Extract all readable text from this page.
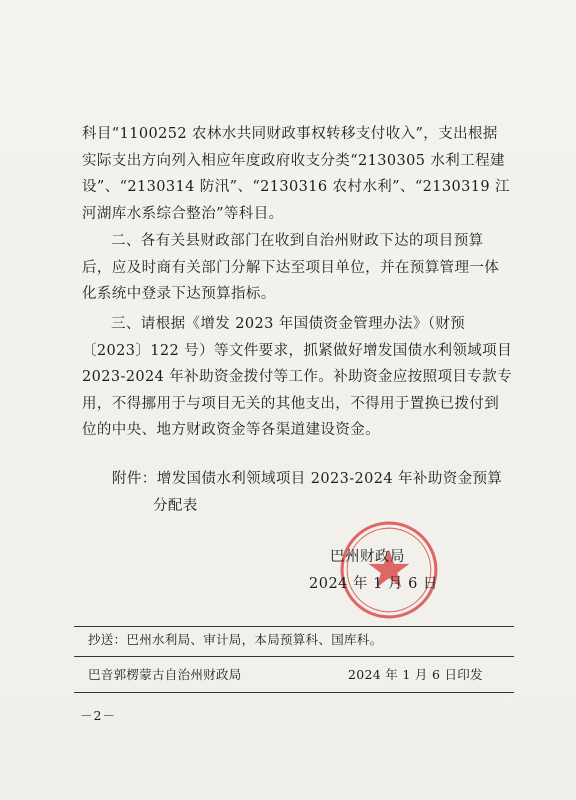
科目“1100252 农林水共同财政事权转移支付收入”，支出根据实际支出方向列入相应年度政府收支分类“2130305 水利工程建设”、“2130314 防汛”、“2130316 农村水利”、“2130319 江河湖库水系综合整治”等科目。
二、各有关县财政部门在收到自治州财政下达的项目预算后，应及时商有关部门分解下达至项目单位，并在预算管理一体化系统中登录下达预算指标。
三、请根据《增发 2023 年国债资金管理办法》（财预〔2023〕122 号）等文件要求，抓紧做好增发国债水利领域项目 2023-2024 年补助资金拨付等工作。补助资金应按照项目专款专用，不得挪用于与项目无关的其他支出，不得用于置换已拨付到位的中央、地方财政资金等各渠道建设资金。
附件：增发国债水利领域项目 2023-2024 年补助资金预算
分配表
巴州财政局
2024 年 1 月 6 日
抄送：巴州水利局、审计局，本局预算科、国库科。
巴音郭楞蒙古自治州财政局	2024 年 1 月 6 日印发
－2－
